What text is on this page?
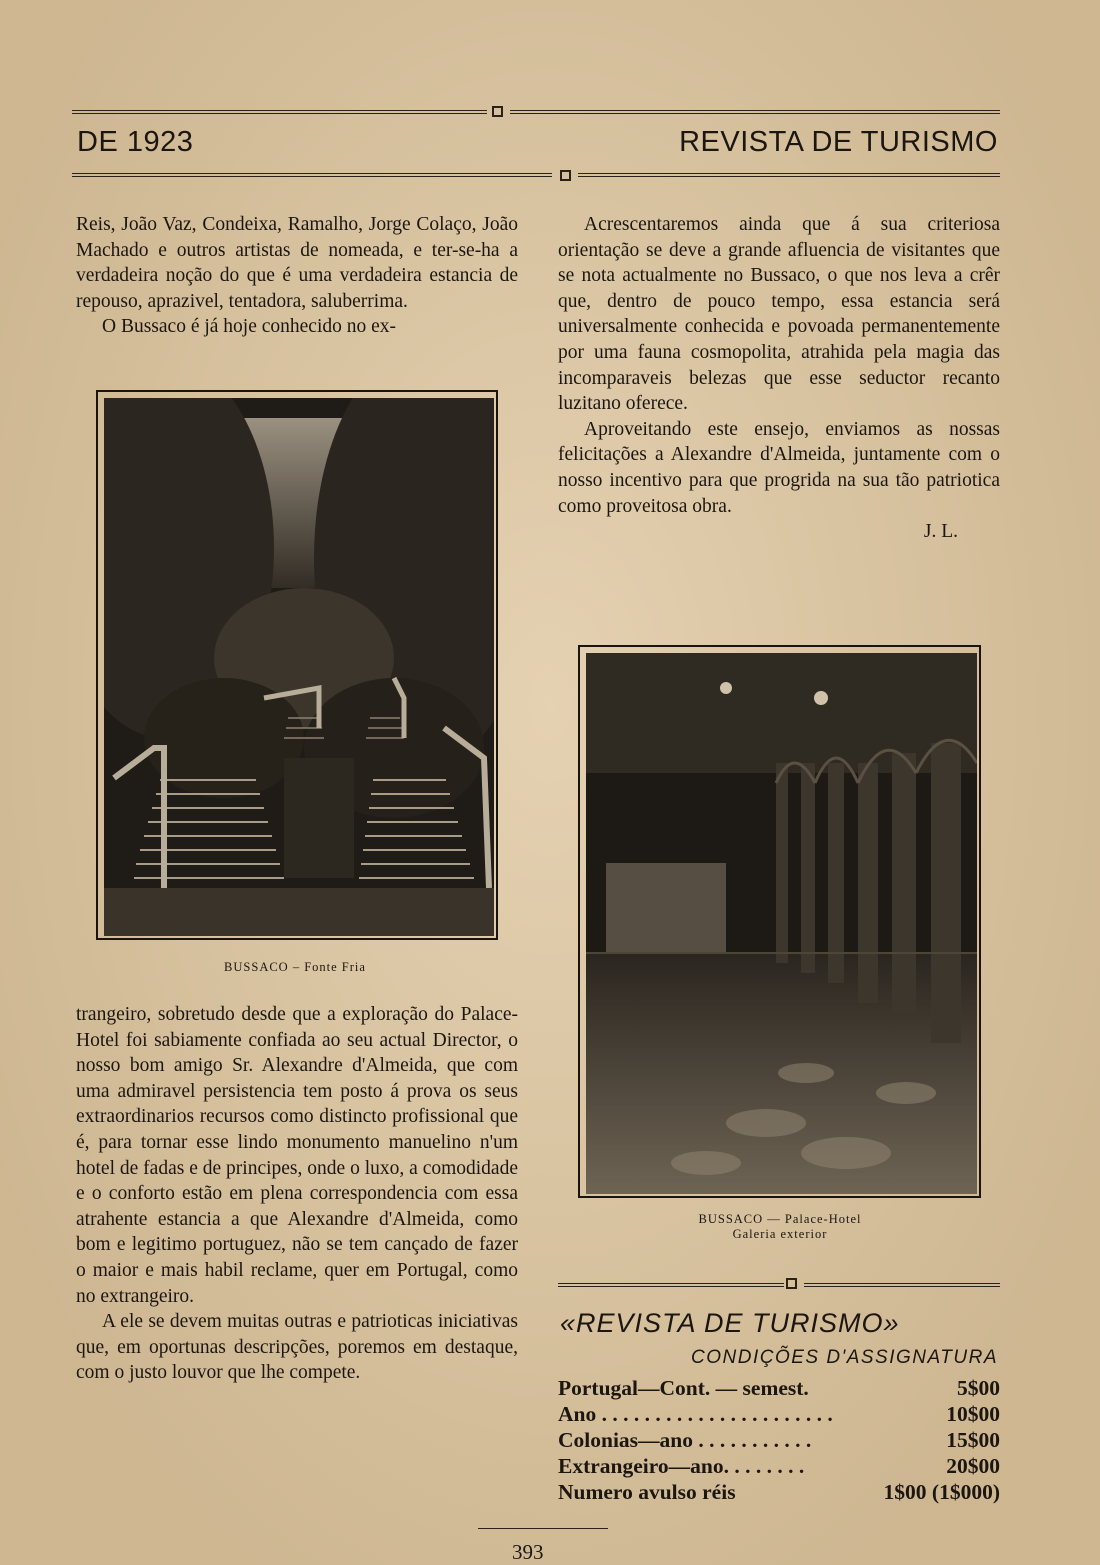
DE 1923	REVISTA DE TURISMO

Reis, João Vaz, Condeixa, Ramalho, Jorge Colaço, João Machado e outros artistas de nomeada, e ter-se-ha a verdadeira noção do que é uma verdadeira estancia de repouso, aprazivel, tentadora, saluberrima.

O Bussaco é já hoje conhecido no ex-

BUSSACO – Fonte Fria

trangeiro, sobretudo desde que a exploração do Palace-Hotel foi sabiamente confiada ao seu actual Director, o nosso bom amigo Sr. Alexandre d'Almeida, que com uma admiravel persistencia tem posto á prova os seus extraordinarios recursos como distincto profissional que é, para tornar esse lindo monumento manuelino n'um hotel de fadas e de principes, onde o luxo, a comodidade e o conforto estão em plena correspondencia com essa atrahente estancia a que Alexandre d'Almeida, como bom e legitimo portuguez, não se tem cançado de fazer o maior e mais habil reclame, quer em Portugal, como no extrangeiro.

A ele se devem muitas outras e patrioticas iniciativas que, em oportunas descripções, poremos em destaque, com o justo louvor que lhe compete.

Acrescentaremos ainda que á sua criteriosa orientação se deve a grande afluencia de visitantes que se nota actualmente no Bussaco, o que nos leva a crêr que, dentro de pouco tempo, essa estancia será universalmente conhecida e povoada permanentemente por uma fauna cosmopolita, atrahida pela magia das incomparaveis belezas que esse seductor recanto luzitano oferece.

Aproveitando este ensejo, enviamos as nossas felicitações a Alexandre d'Almeida, juntamente com o nosso incentivo para que progrida na sua tão patriotica como proveitosa obra.

J. L.

BUSSACO — Palace-Hotel
Galeria exterior
«REVISTA DE TURISMO»
CONDIÇÕES D'ASSIGNATURA
Portugal—Cont. — semest.	5$00
Ano . . . . . . . . . . . . . . . . . . . . . .	10$00
Colonias—ano . . . . . . . . . . .	15$00
Extrangeiro—ano. . . . . . . .	20$00
Numero avulso réis	1$00 (1$000)
393
